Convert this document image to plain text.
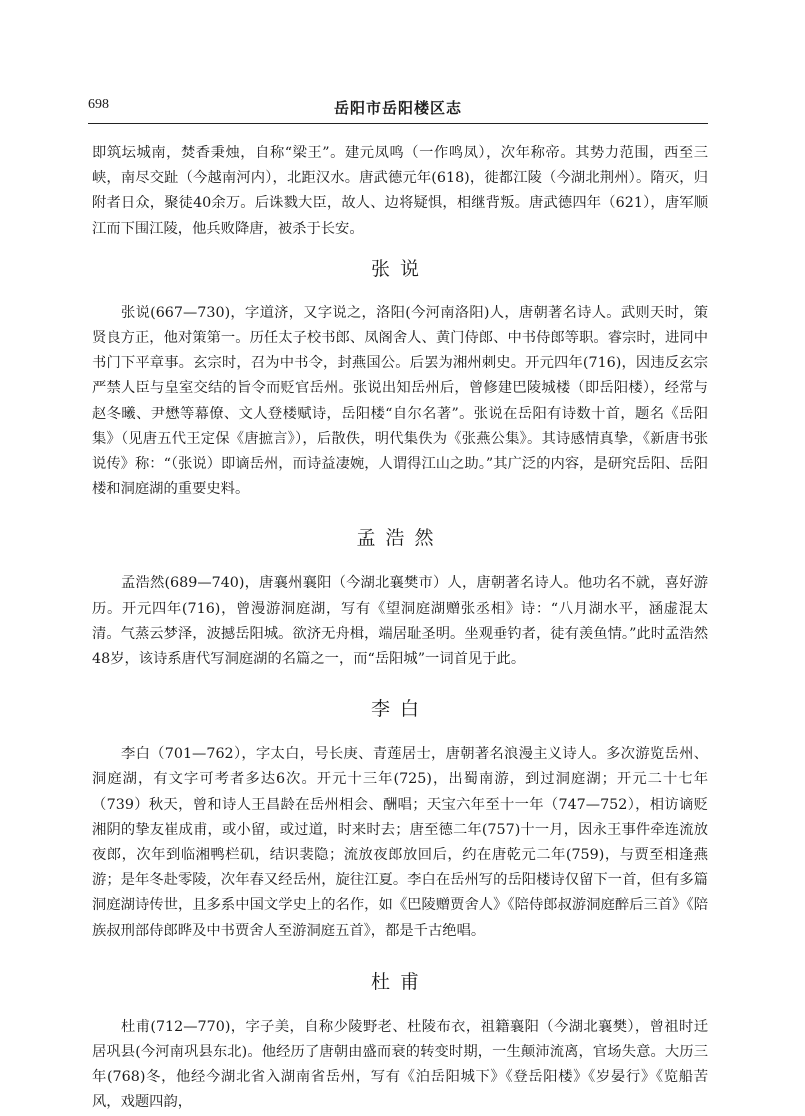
698	岳阳市岳阳楼区志

即筑坛城南，焚香秉烛，自称“梁王”。建元凤鸣（一作鸣凤），次年称帝。其势力范围，西至三峡，南尽交趾（今越南河内），北距汉水。唐武德元年(618)，徙都江陵（今湖北荆州）。隋灭，归附者日众，聚徒40余万。后诛戮大臣，故人、边将疑惧，相继背叛。唐武德四年（621），唐军顺江而下围江陵，他兵败降唐，被杀于长安。

张说

张说(667—730)，字道济，又字说之，洛阳(今河南洛阳)人，唐朝著名诗人。武则天时，策贤良方正，他对策第一。历任太子校书郎、凤阁舍人、黄门侍郎、中书侍郎等职。睿宗时，进同中书门下平章事。玄宗时，召为中书令，封燕国公。后罢为湘州刺史。开元四年(716)，因违反玄宗严禁人臣与皇室交结的旨令而贬官岳州。张说出知岳州后，曾修建巴陵城楼（即岳阳楼），经常与赵冬曦、尹懋等幕僚、文人登楼赋诗，岳阳楼“自尔名著”。张说在岳阳有诗数十首，题名《岳阳集》（见唐五代王定保《唐摭言》），后散佚，明代集佚为《张燕公集》。其诗感情真挚，《新唐书张说传》称：“（张说）即谪岳州，而诗益凄婉，人谓得江山之助。”其广泛的内容，是研究岳阳、岳阳楼和洞庭湖的重要史料。

孟浩然

孟浩然(689—740)，唐襄州襄阳（今湖北襄樊市）人，唐朝著名诗人。他功名不就，喜好游历。开元四年(716)，曾漫游洞庭湖，写有《望洞庭湖赠张丞相》诗：“八月湖水平，涵虚混太清。气蒸云梦泽，波撼岳阳城。欲济无舟楫，端居耻圣明。坐观垂钓者，徒有羡鱼情。”此时孟浩然48岁，该诗系唐代写洞庭湖的名篇之一，而“岳阳城”一词首见于此。

李白

李白（701—762），字太白，号长庚、青莲居士，唐朝著名浪漫主义诗人。多次游览岳州、洞庭湖，有文字可考者多达6次。开元十三年(725)，出蜀南游，到过洞庭湖；开元二十七年（739）秋天，曾和诗人王昌龄在岳州相会、酬唱；天宝六年至十一年（747—752），相访谪贬湘阴的挚友崔成甫，或小留，或过道，时来时去；唐至德二年(757)十一月，因永王事件牵连流放夜郎，次年到临湘鸭栏矶，结识裴隐；流放夜郎放回后，约在唐乾元二年(759)，与贾至相逢燕游；是年冬赴零陵，次年春又经岳州，旋往江夏。李白在岳州写的岳阳楼诗仅留下一首，但有多篇洞庭湖诗传世，且多系中国文学史上的名作，如《巴陵赠贾舍人》《陪侍郎叔游洞庭醉后三首》《陪族叔刑部侍郎晔及中书贾舍人至游洞庭五首》，都是千古绝唱。

杜甫

杜甫(712—770)，字子美，自称少陵野老、杜陵布衣，祖籍襄阳（今湖北襄樊），曾祖时迁居巩县(今河南巩县东北)。他经历了唐朝由盛而衰的转变时期，一生颠沛流离，官场失意。大历三年(768)冬，他经今湖北省入湖南省岳州，写有《泊岳阳城下》《登岳阳楼》《岁晏行》《览船苦风，戏题四韵，
